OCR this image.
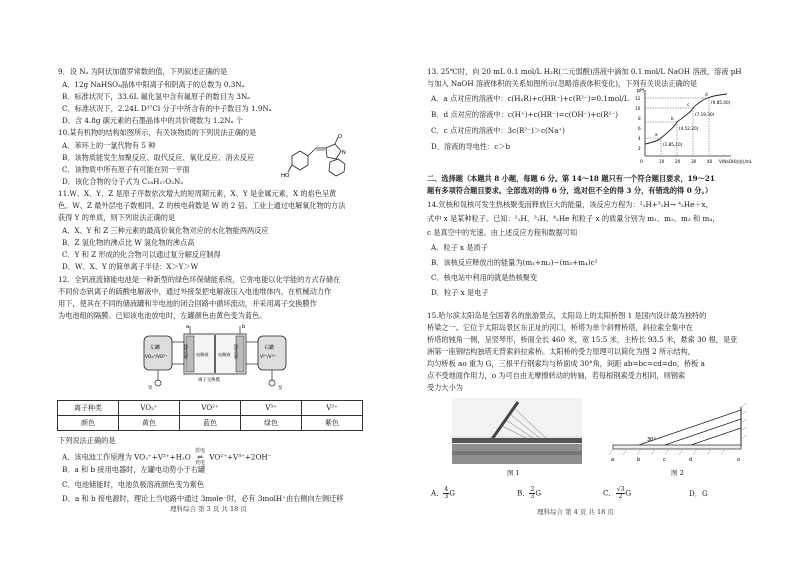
9．设 Nₐ 为阿伏加德罗常数的值，下列叙述正确的是
A．12g NaHSO₄晶体中阳离子和阴离子的总数为 0.3Nₐ
B．标准状况下，33.6L 氟化氢中含有氟原子的数目为 3Nₐ
C．标准状况下，2.24L D³⁷Cl 分子中所含有的中子数目为 1.9Nₐ
D．含 4.8g 碳元素的石墨晶体中的共价键数为 1.2Nₐ 个
10.某有机物的结构如图所示，有关该物质的下列说法正确的是
A．苯环上的一氯代物有 5 种
B．该物质能发生加聚反应、取代反应、氧化反应、消去反应
C．该物质中所有原子有可能在同一平面
D．该化合物的分子式为 C₁₈H₁₇O₂N₂
O
N
HO
11.W、X、Y、Z 是原子序数依次增大的短周期元素，X、Y 是金属元素，X 的焰色呈黄
色。W、Z 最外层电子数相同，Z 的核电荷数是 W 的 2 倍。工业上通过电解氧化物的方法
获得 Y 的单质，则下列说法正确的是
A．X、Y 和 Z 三种元素的最高价氧化物对应的水化物能两两反应
B．Z 氢化物的沸点比 W 氢化物的沸点高
C．Y 和 Z 形成的化合物可以通过复分解反应制得
D．W、X、Y 的简单离子半径：X＞Y＞W
12．全钒液流储能电池是一种新型的绿色环保储能系统，它弥电能以化学能的方式存储在
不同价态钒离子的硫酸电解液中，通过外接泵把电解液压入电池堆体内，在机械动力作
用下，使其在不同的储液罐和半电池的闭合回路中循环流动，并采用离子交换膜作
为电池组的隔膜。已知该电池放电时，左罐颜色由黄色变为蓝色。
左罐
VO₂⁺/VO²⁺
右罐
V²⁺/V³⁺
惰性电极	惰性电极
电解液 电解液
离子交换膜
a	b
泵	泵
离子种类	VO₂⁺	VO²⁺	V³⁺	V²⁺
颜色	黄色	蓝色	绿色	紫色
下列说法正确的是
A．该电池工作原理为 VO₂⁺+V²⁺+H₂O
放电
⇌
充电
VO²⁺+V³⁺+2OH⁻
B．a 和 b 接用电器时，左罐电动势小于右罐
C．电池储能时，电池负极溶液颜色变为紫色
D．a 和 b 接电源时，理论上当电路中通过 3mole⁻时，必有 3molH⁺由右侧向左侧迁移
理科综合 第 3 页 共 18 页
13. 25℃时，向 20 mL 0.1 mol/L H₂R(二元弱酸)溶液中滴加 0.1 mol/L NaOH 溶液，溶液 pH
与加入 NaOH 溶液体积的关系如图所示(忽略溶液体积变化)，下列有关说法正确的是
A．a 点对应的溶液中：c(H₂R)+c(HR⁻)+c(R²⁻)=0.1mol/L
B．d 点对应的溶液中：c(H⁺)+c(HR⁻)=c(OH⁻)+c(R²⁻)
C．c 点对应的溶液中：3c(R²⁻)＞c(Na⁺)
D．溶液的导电性：c＞b
pH
V(NaOH溶液)/mL
0
12
10
8
6
4
2
10	20	30	40
(1.85,10)
a
(4.52,20)
b
(7.19,30)
c	(9.85,40)
d
二、选择题（本题共 8 小题，每题 6 分。第 14～18 题只有一个符合题目要求，19～21
题有多项符合题目要求。全部选对的得 6 分，选对但不全的得 3 分，有错选的得 0 分。）
14.氘核和氚核可发生热核聚变而释放巨大的能量，该反应方程为：²₁H+³₁H→ ⁴₂He＋x，
式中 x 是某种粒子。已知：²₁H、³₁H、⁴₂He 和粒子 x 的质量分别为 m₁、m₂、m₃ 和 m₄，
c 是真空中的光速。由上述反应方程和数据可知
A．粒子 x 是质子
B．该核反应释放出的能量为(m₁+m₂)−(m₃+m₄)c²
C．核电站中利用的就是热核聚变
D．粒子 x 是电子
15.哈尔滨太阳岛是全国著名的旅游景点，太阳岛上的太阳桥图 1 是国内设计最为独特的
桥梁之一。它位于太阳岛景区东正址的河口，桥塔为单个斜臂桥塔，斜拉索全集中在
桥塔的钝角一侧，呈竖琴形，桥面全长 460 米，宽 15.5 米，主桥长 93.5 米，悬索 30 根，是亚
洲第一座钢结构独塔无背索斜拉索桥。太阳桥的受力原理可以简化为图 2 所示结构，
均匀桥板 ao 重为 G，三根平行钢索均与桥面成 30°角，间距 ab=bc=cd=do，桥板 a
点不受地面作用力，o 为可自由无摩擦转动的转轴，若每根钢索受力相同，则钢索
受力大小为
图 1
30°
a	b	c	d	o
图 2
A． $\frac{4}{3}$ G	B． $\frac{2}{3}$ G	C． $\frac{√3}{2}$ G	D．G
理科综合 第 4 页 共 18 页
